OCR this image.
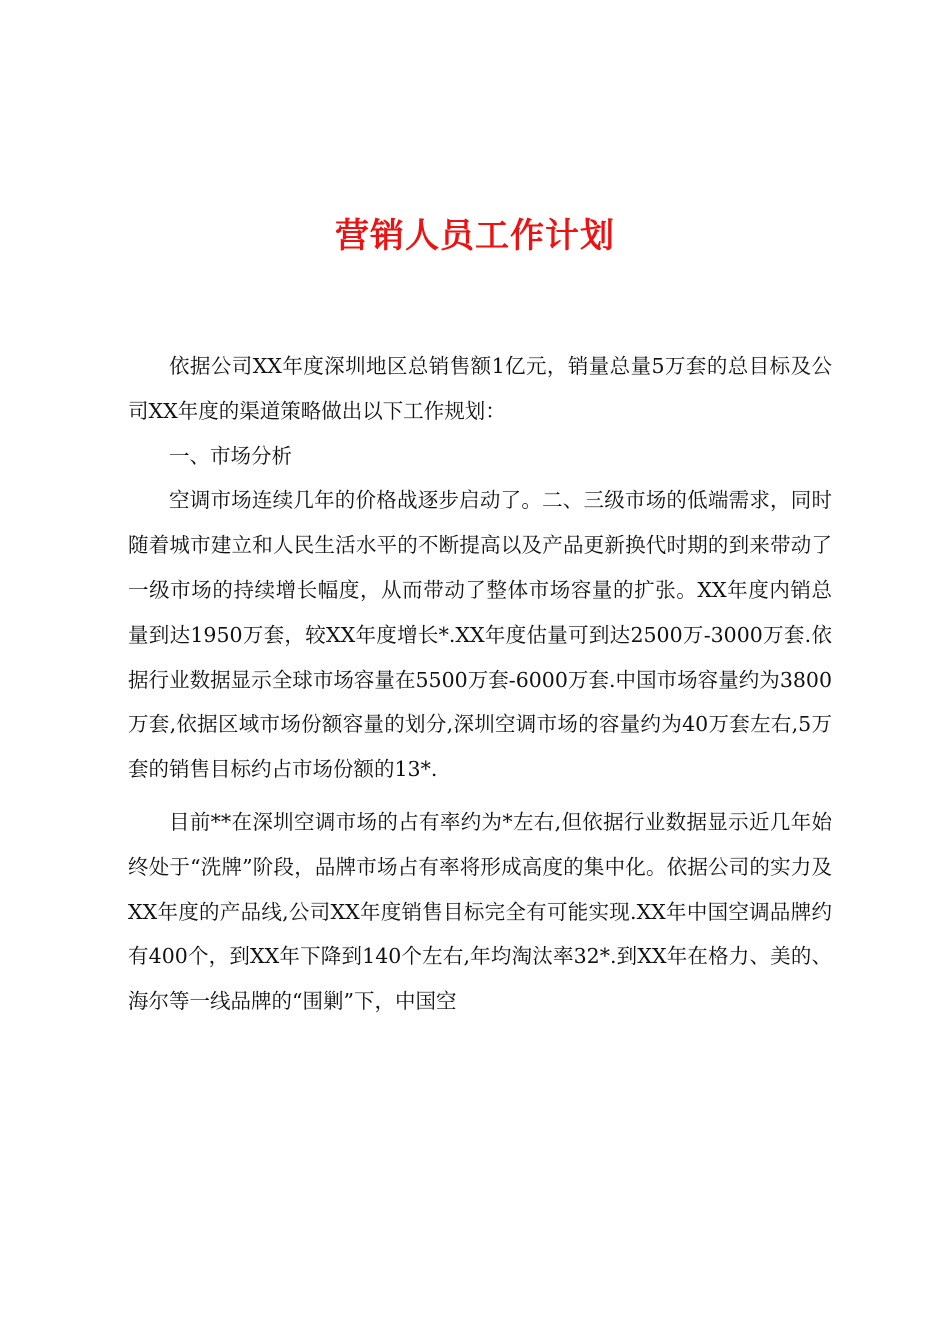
营销人员工作计划

依据公司XX年度深圳地区总销售额1亿元，销量总量5万套的总目标及公司XX年度的渠道策略做出以下工作规划：

一、市场分析

空调市场连续几年的价格战逐步启动了。二、三级市场的低端需求，同时随着城市建立和人民生活水平的不断提高以及产品更新换代时期的到来带动了一级市场的持续增长幅度，从而带动了整体市场容量的扩张。XX年度内销总量到达1950万套，较XX年度增长*.XX年度估量可到达2500万-3000万套.依据行业数据显示全球市场容量在5500万套-6000万套.中国市场容量约为3800万套,依据区域市场份额容量的划分,深圳空调市场的容量约为40万套左右,5万套的销售目标约占市场份额的13*.

目前**在深圳空调市场的占有率约为*左右,但依据行业数据显示近几年始终处于“洗牌”阶段，品牌市场占有率将形成高度的集中化。依据公司的实力及XX年度的产品线,公司XX年度销售目标完全有可能实现.XX年中国空调品牌约有400个，到XX年下降到140个左右,年均淘汰率32*.到XX年在格力、美的、海尔等一线品牌的“围剿”下，中国空
